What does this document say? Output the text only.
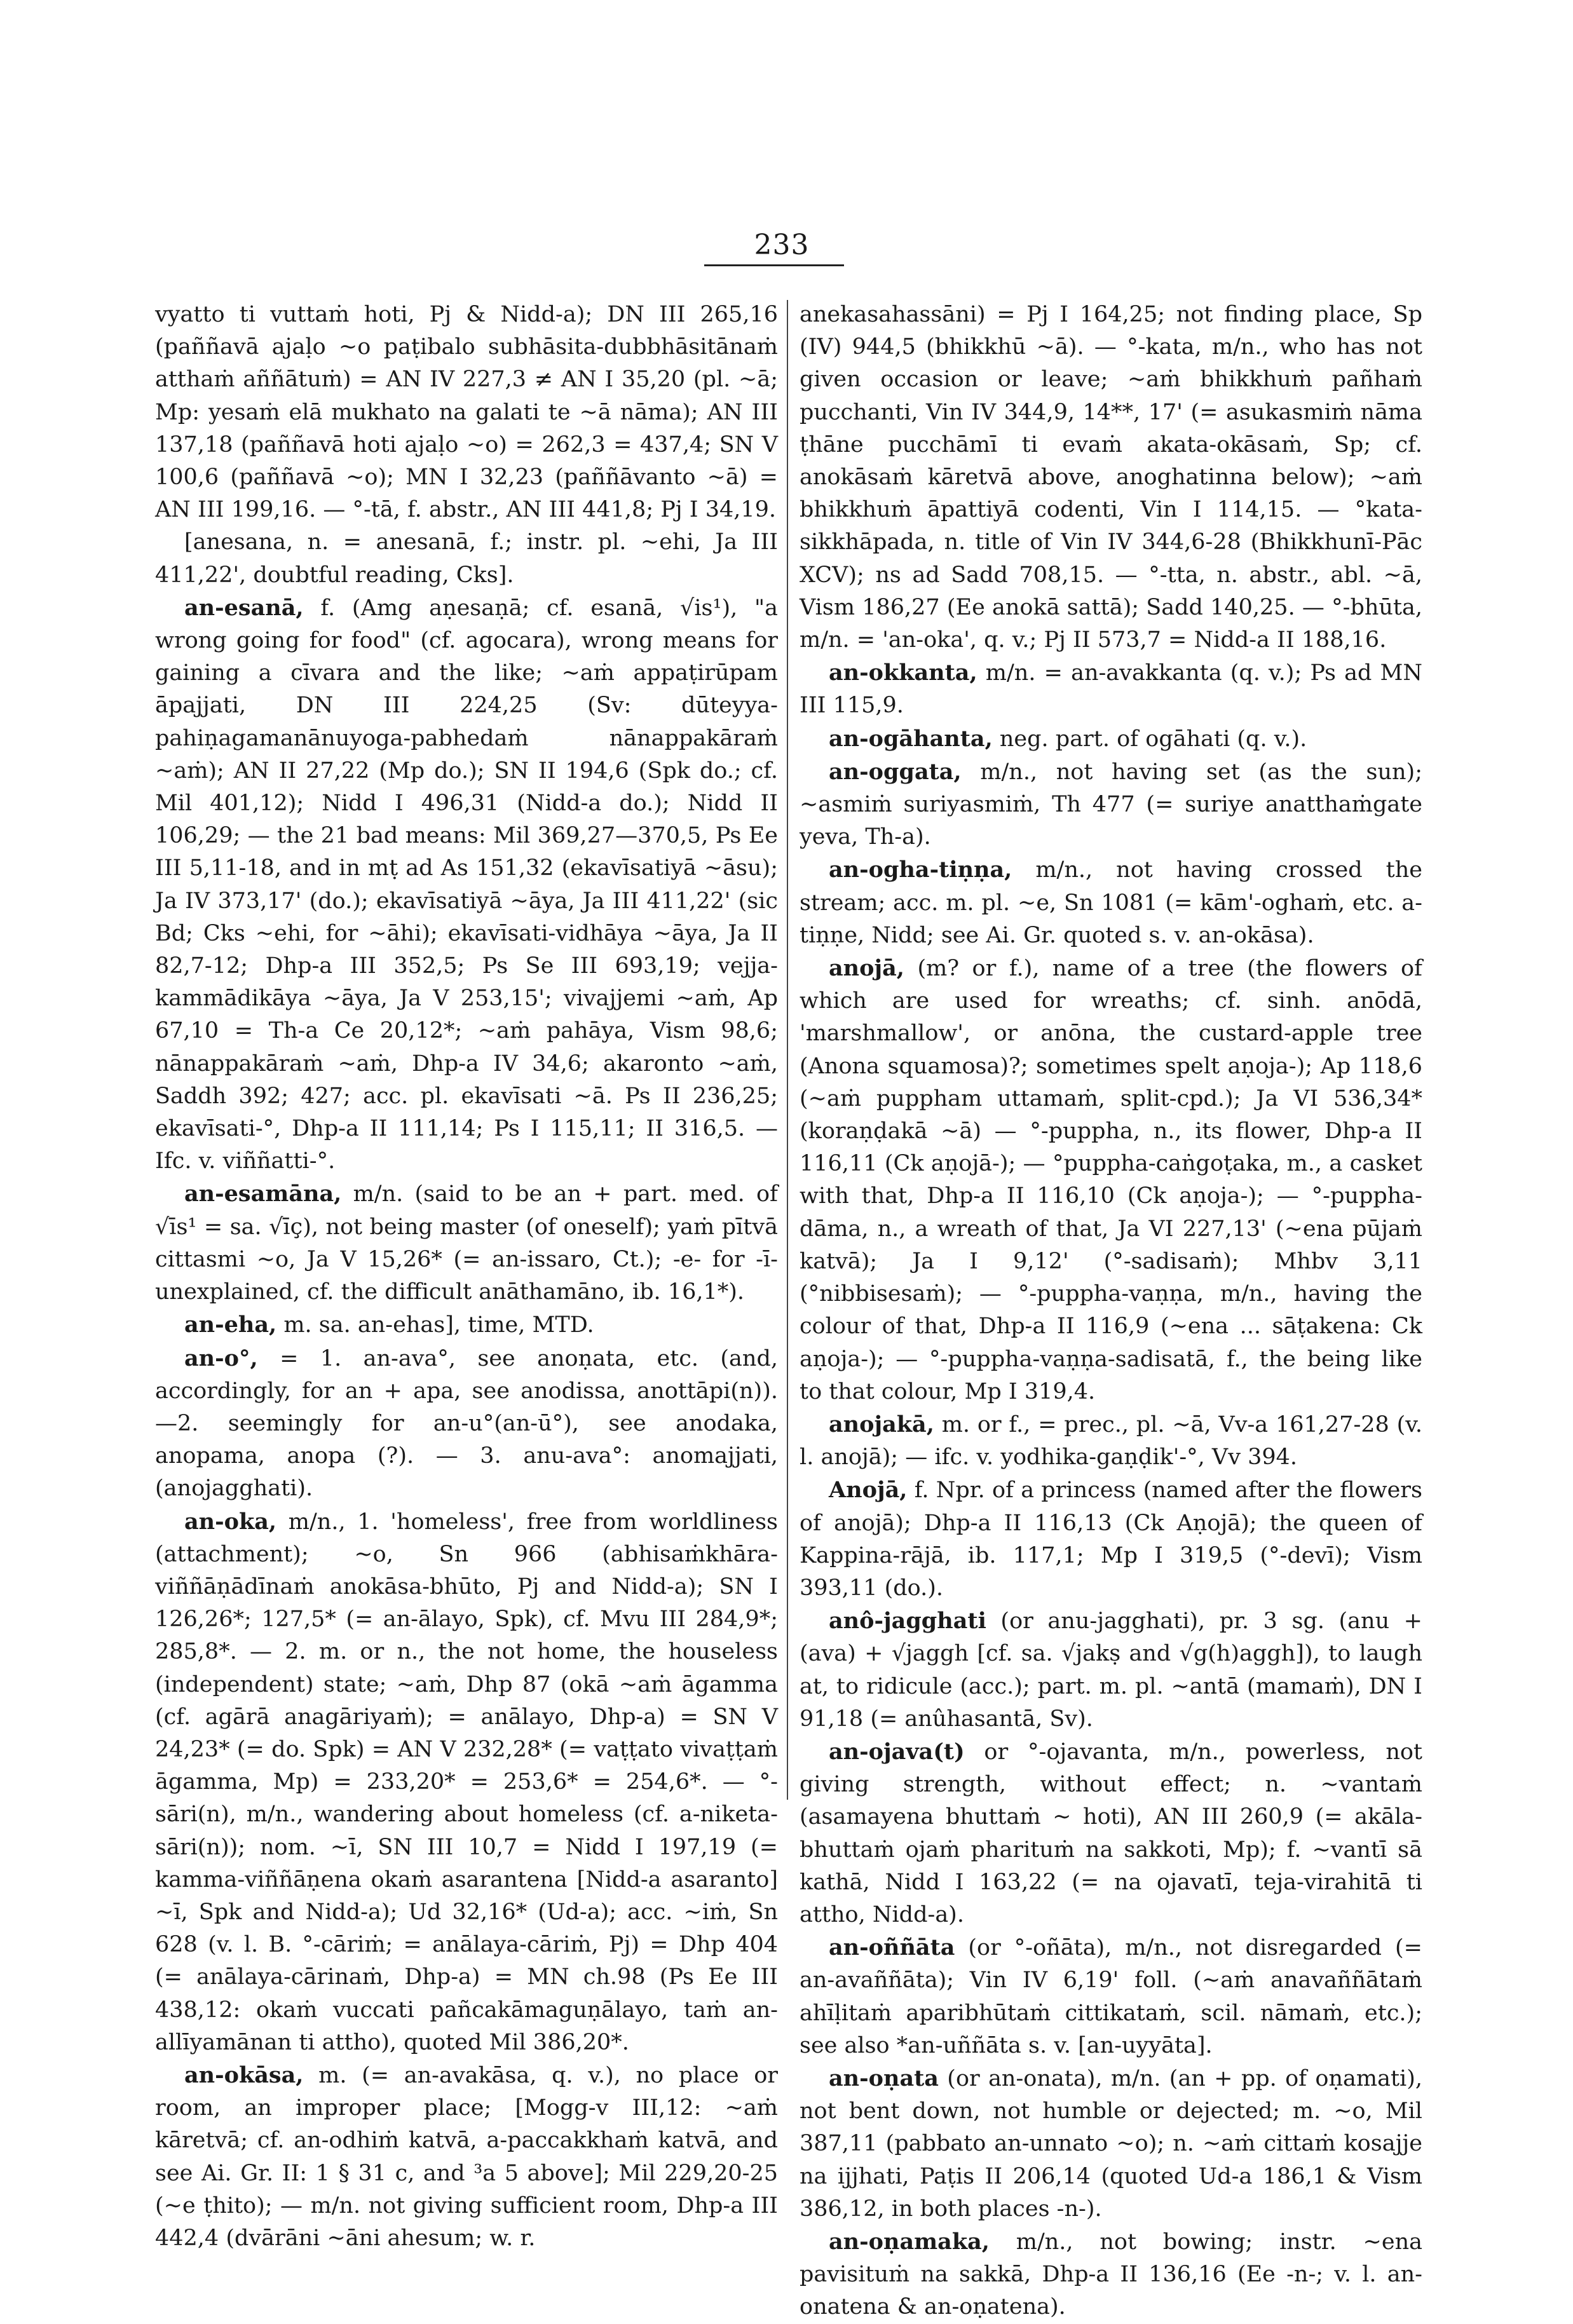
233

vyatto ti vuttaṁ hoti, Pj & Nidd-a); DN III 265,16 (paññavā ajaḷo ~o paṭibalo subhāsita-dubbhāsitānaṁ atthaṁ aññātuṁ) = AN IV 227,3 ≠ AN I 35,20 (pl. ~ā; Mp: yesaṁ elā mukhato na galati te ~ā nāma); AN III 137,18 (paññavā hoti ajaḷo ~o) = 262,3 = 437,4; SN V 100,6 (paññavā ~o); MN I 32,23 (paññāvanto ~ā) = AN III 199,16. — °-tā, f. abstr., AN III 441,8; Pj I 34,19.

[anesana, n. = anesanā, f.; instr. pl. ~ehi, Ja III 411,22', doubtful reading, Cks].

an-esanā, f. (Amg aṇesaṇā; cf. esanā, √is¹), "a wrong going for food" (cf. agocara), wrong means for gaining a cīvara and the like; ~aṁ appaṭirūpam āpajjati, DN III 224,25 (Sv: dūteyya-pahiṇagamanānuyoga-pabhedaṁ nānappakāraṁ ~aṁ); AN II 27,22 (Mp do.); SN II 194,6 (Spk do.; cf. Mil 401,12); Nidd I 496,31 (Nidd-a do.); Nidd II 106,29; — the 21 bad means: Mil 369,27—370,5, Ps Ee III 5,11-18, and in mṭ ad As 151,32 (ekavīsatiyā ~āsu); Ja IV 373,17' (do.); ekavīsatiyā ~āya, Ja III 411,22' (sic Bd; Cks ~ehi, for ~āhi); ekavīsati-vidhāya ~āya, Ja II 82,7-12; Dhp-a III 352,5; Ps Se III 693,19; vejja-kammādikāya ~āya, Ja V 253,15'; vivajjemi ~aṁ, Ap 67,10 = Th-a Ce 20,12*; ~aṁ pahāya, Vism 98,6; nānappakāraṁ ~aṁ, Dhp-a IV 34,6; akaronto ~aṁ, Saddh 392; 427; acc. pl. ekavīsati ~ā. Ps II 236,25; ekavīsati-°, Dhp-a II 111,14; Ps I 115,11; II 316,5. — Ifc. v. viññatti-°.

an-esamāna, m/n. (said to be an + part. med. of √īs¹ = sa. √īç), not being master (of oneself); yaṁ pītvā cittasmi ~o, Ja V 15,26* (= an-issaro, Ct.); -e- for -ī- unexplained, cf. the difficult anāthamāno, ib. 16,1*).

an-eha, m. sa. an-ehas], time, MTD.

an-o°, = 1. an-ava°, see anoṇata, etc. (and, accordingly, for an + apa, see anodissa, anottāpi(n)). —2. seemingly for an-u°(an-ū°), see anodaka, anopama, anopa (?). — 3. anu-ava°: anomajjati, (anojagghati).

an-oka, m/n., 1. 'homeless', free from worldliness (attachment); ~o, Sn 966 (abhisaṁkhāra-viññāṇādīnaṁ anokāsa-bhūto, Pj and Nidd-a); SN I 126,26*; 127,5* (= an-ālayo, Spk), cf. Mvu III 284,9*; 285,8*. — 2. m. or n., the not home, the houseless (independent) state; ~aṁ, Dhp 87 (okā ~aṁ āgamma (cf. agārā anagāriyaṁ); = anālayo, Dhp-a) = SN V 24,23* (= do. Spk) = AN V 232,28* (= vaṭṭato vivaṭṭaṁ āgamma, Mp) = 233,20* = 253,6* = 254,6*. — °-sāri(n), m/n., wandering about homeless (cf. a-niketa-sāri(n)); nom. ~ī, SN III 10,7 = Nidd I 197,19 (= kamma-viññāṇena okaṁ asarantena [Nidd-a asaranto] ~ī, Spk and Nidd-a); Ud 32,16* (Ud-a); acc. ~iṁ, Sn 628 (v. l. B. °-cāriṁ; = anālaya-cāriṁ, Pj) = Dhp 404 (= anālaya-cārinaṁ, Dhp-a) = MN ch.98 (Ps Ee III 438,12: okaṁ vuccati pañcakāmaguṇālayo, taṁ an-allīyamānan ti attho), quoted Mil 386,20*.

an-okāsa, m. (= an-avakāsa, q. v.), no place or room, an improper place; [Mogg-v III,12: ~aṁ kāretvā; cf. an-odhiṁ katvā, a-paccakkhaṁ katvā, and see Ai. Gr. II: 1 § 31 c, and ³a 5 above]; Mil 229,20-25 (~e ṭhito); — m/n. not giving sufficient room, Dhp-a III 442,4 (dvārāni ~āni ahesum; w. r.

anekasahassāni) = Pj I 164,25; not finding place, Sp (IV) 944,5 (bhikkhū ~ā). — °-kata, m/n., who has not given occasion or leave; ~aṁ bhikkhuṁ pañhaṁ pucchanti, Vin IV 344,9, 14**, 17' (= asukasmiṁ nāma ṭhāne pucchāmī ti evaṁ akata-okāsaṁ, Sp; cf. anokāsaṁ kāretvā above, anoghatinna below); ~aṁ bhikkhuṁ āpattiyā codenti, Vin I 114,15. — °kata-sikkhāpada, n. title of Vin IV 344,6-28 (Bhikkhunī-Pāc XCV); ns ad Sadd 708,15. — °-tta, n. abstr., abl. ~ā, Vism 186,27 (Ee anokā sattā); Sadd 140,25. — °-bhūta, m/n. = 'an-oka', q. v.; Pj II 573,7 = Nidd-a II 188,16.

an-okkanta, m/n. = an-avakkanta (q. v.); Ps ad MN III 115,9.

an-ogāhanta, neg. part. of ogāhati (q. v.).

an-oggata, m/n., not having set (as the sun); ~asmiṁ suriyasmiṁ, Th 477 (= suriye anatthaṁgate yeva, Th-a).

an-ogha-tiṇṇa, m/n., not having crossed the stream; acc. m. pl. ~e, Sn 1081 (= kām'-oghaṁ, etc. a-tiṇṇe, Nidd; see Ai. Gr. quoted s. v. an-okāsa).

anojā, (m? or f.), name of a tree (the flowers of which are used for wreaths; cf. sinh. anōdā, 'marshmallow', or anōna, the custard-apple tree (Anona squamosa)?; sometimes spelt aṇoja-); Ap 118,6 (~aṁ puppham uttamaṁ, split-cpd.); Ja VI 536,34* (koraṇḍakā ~ā) — °-puppha, n., its flower, Dhp-a II 116,11 (Ck aṇojā-); — °puppha-caṅgoṭaka, m., a casket with that, Dhp-a II 116,10 (Ck aṇoja-); — °-puppha-dāma, n., a wreath of that, Ja VI 227,13' (~ena pūjaṁ katvā); Ja I 9,12' (°-sadisaṁ); Mhbv 3,11 (°nibbisesaṁ); — °-puppha-vaṇṇa, m/n., having the colour of that, Dhp-a II 116,9 (~ena ... sāṭakena: Ck aṇoja-); — °-puppha-vaṇṇa-sadisatā, f., the being like to that colour, Mp I 319,4.

anojakā, m. or f., = prec., pl. ~ā, Vv-a 161,27-28 (v. l. anojā); — ifc. v. yodhika-gaṇḍik'-°, Vv 394.

Anojā, f. Npr. of a princess (named after the flowers of anojā); Dhp-a II 116,13 (Ck Aṇojā); the queen of Kappina-rājā, ib. 117,1; Mp I 319,5 (°-devī); Vism 393,11 (do.).

anô-jagghati (or anu-jagghati), pr. 3 sg. (anu + (ava) + √jaggh [cf. sa. √jakṣ and √g(h)aggh]), to laugh at, to ridicule (acc.); part. m. pl. ~antā (mamaṁ), DN I 91,18 (= anûhasantā, Sv).

an-ojava(t) or °-ojavanta, m/n., powerless, not giving strength, without effect; n. ~vantaṁ (asamayena bhuttaṁ ~ hoti), AN III 260,9 (= akāla-bhuttaṁ ojaṁ pharituṁ na sakkoti, Mp); f. ~vantī sā kathā, Nidd I 163,22 (= na ojavatī, teja-virahitā ti attho, Nidd-a).

an-oññāta (or °-oñāta), m/n., not disregarded (= an-avaññāta); Vin IV 6,19' foll. (~aṁ anavaññātaṁ ahīḷitaṁ aparibhūtaṁ cittikataṁ, scil. nāmaṁ, etc.); see also *an-uññāta s. v. [an-uyyāta].

an-oṇata (or an-onata), m/n. (an + pp. of oṇamati), not bent down, not humble or dejected; m. ~o, Mil 387,11 (pabbato an-unnato ~o); n. ~aṁ cittaṁ kosajje na ijjhati, Paṭis II 206,14 (quoted Ud-a 186,1 & Vism 386,12, in both places -n-).

an-oṇamaka, m/n., not bowing; instr. ~ena pavisituṁ na sakkā, Dhp-a II 136,16 (Ee -n-; v. l. an-onatena & an-oṇatena).
